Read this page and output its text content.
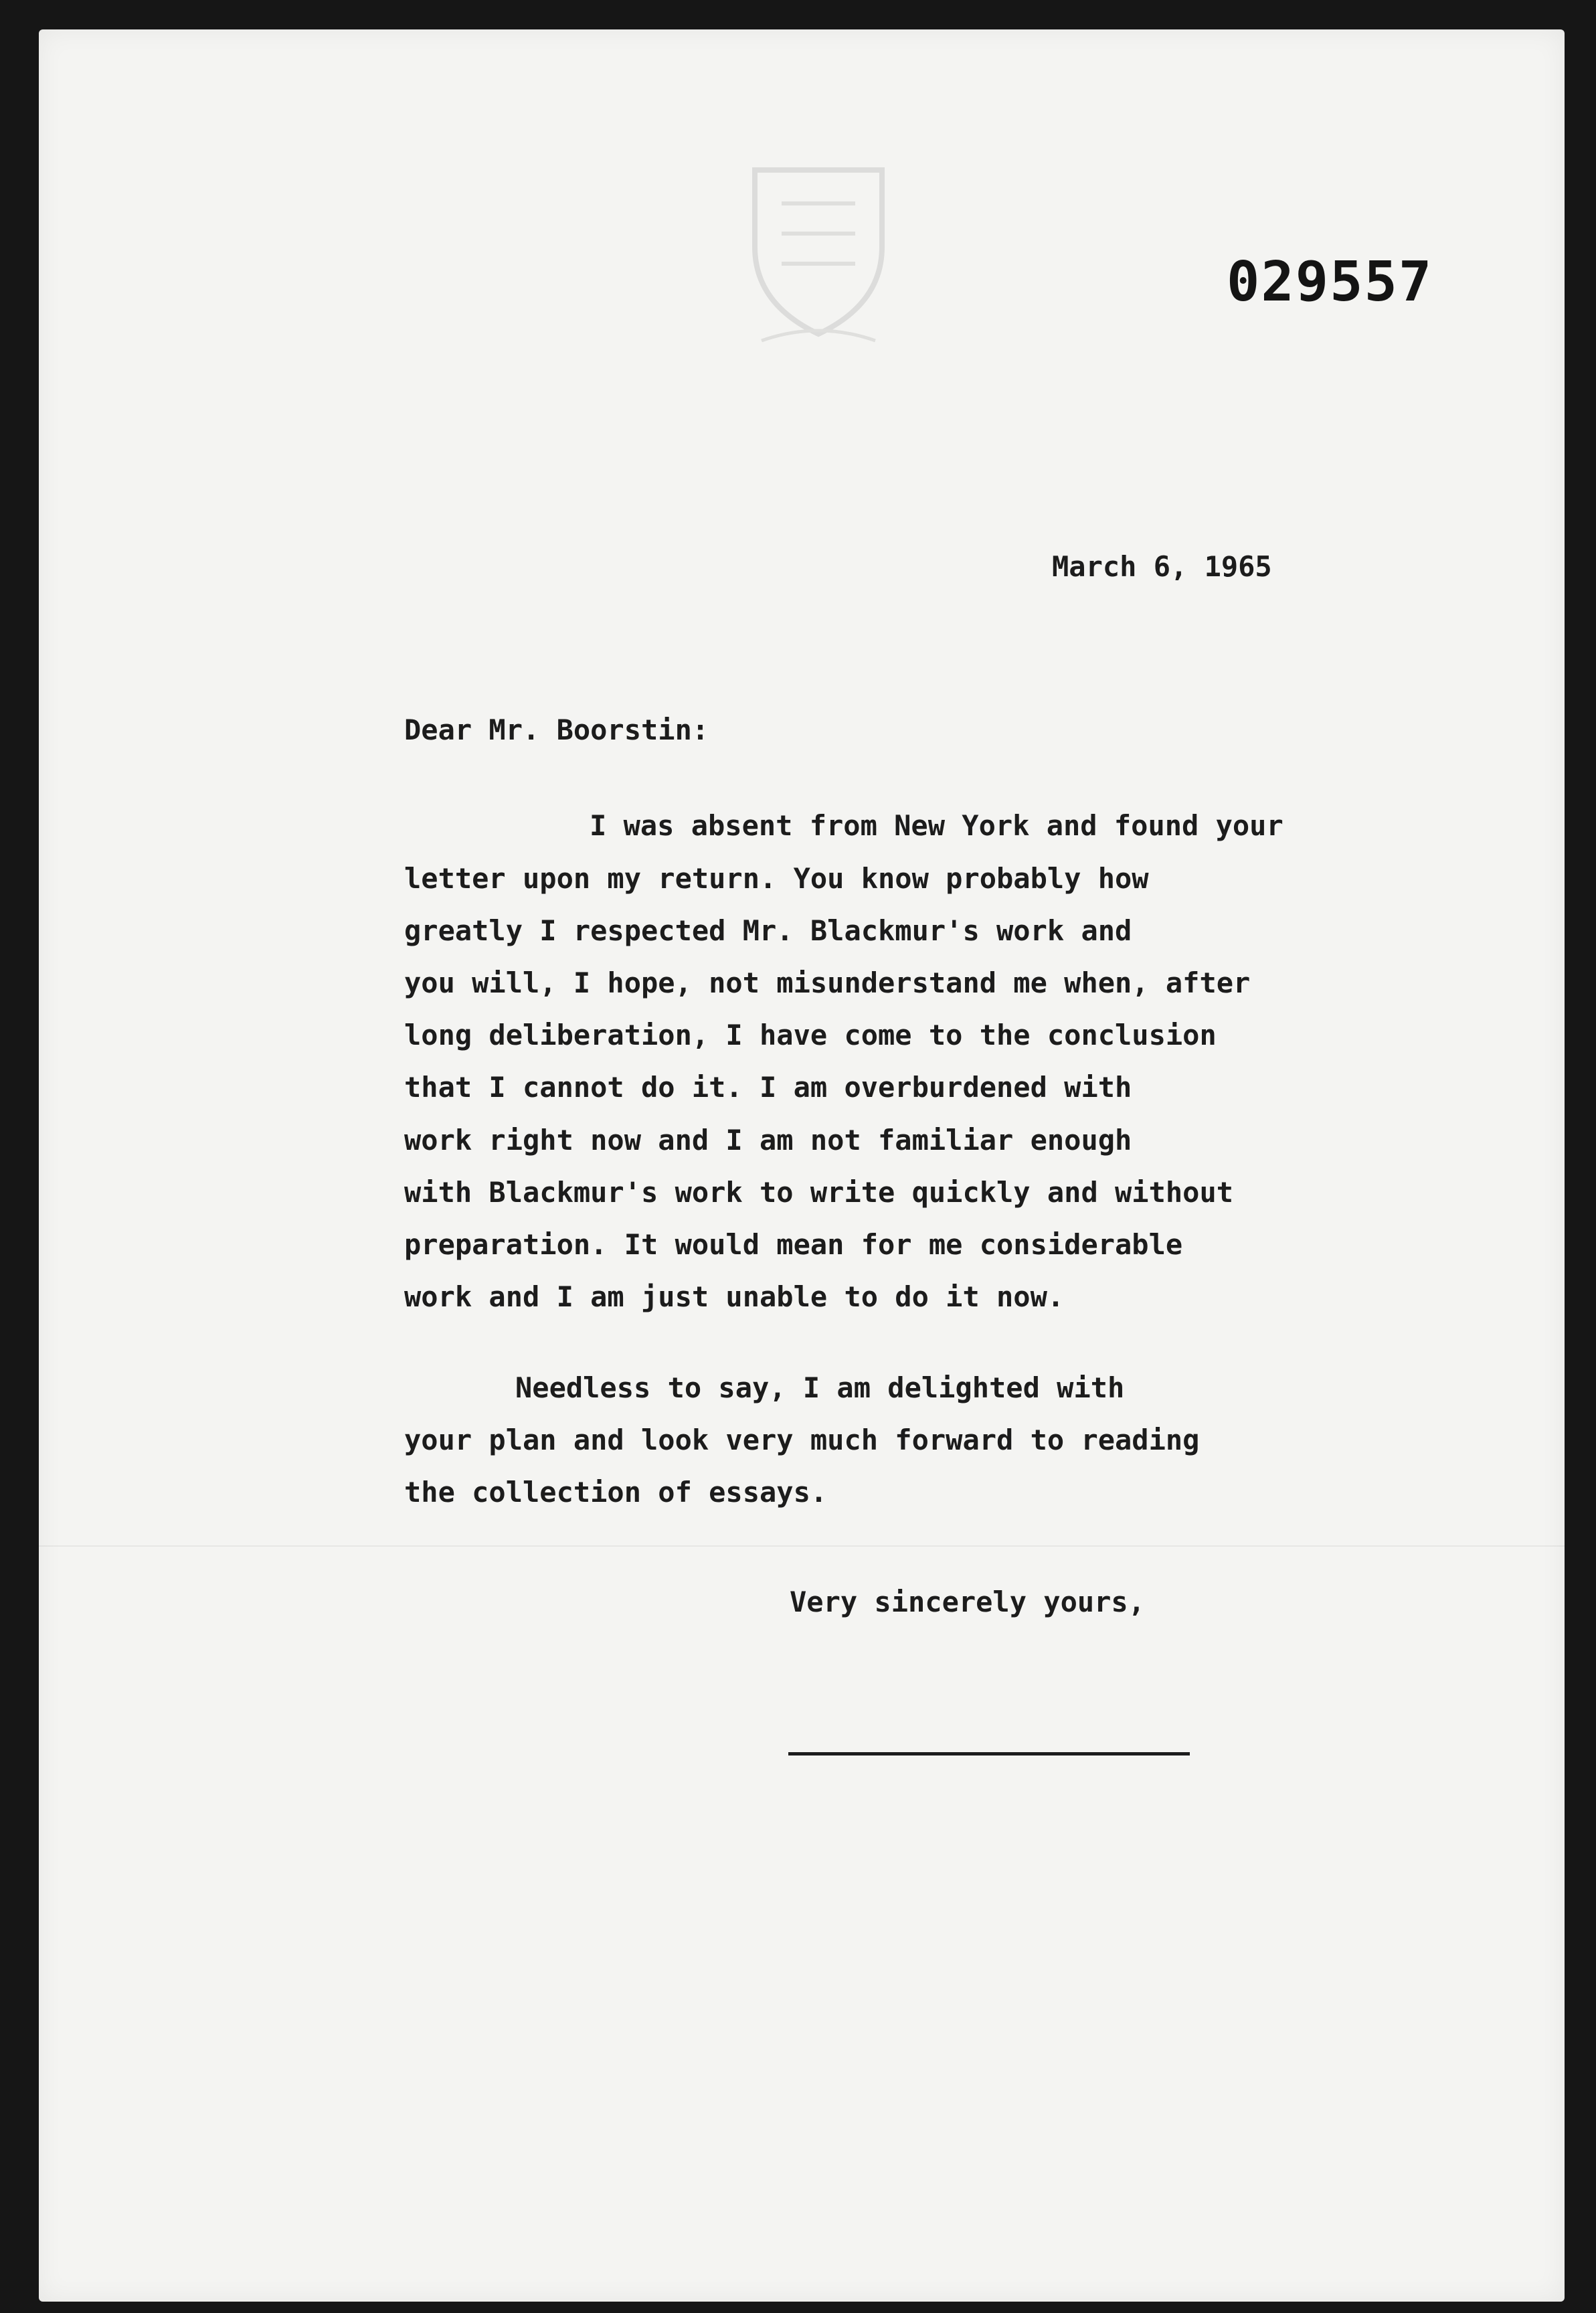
029557
March 6, 1965
Dear Mr. Boorstin:
I was absent from New York and found your
letter upon my return. You know probably how
greatly I respected Mr. Blackmur's work and
you will, I hope, not misunderstand me when, after
long deliberation, I have come to the conclusion
that I cannot do it. I am overburdened with
work right now and I am not familiar enough
with Blackmur's work to write quickly and without
preparation. It would mean for me considerable
work and I am just unable to do it now.
Needless to say, I am delighted with
your plan and look very much forward to reading
the collection of essays.
Very sincerely yours,
